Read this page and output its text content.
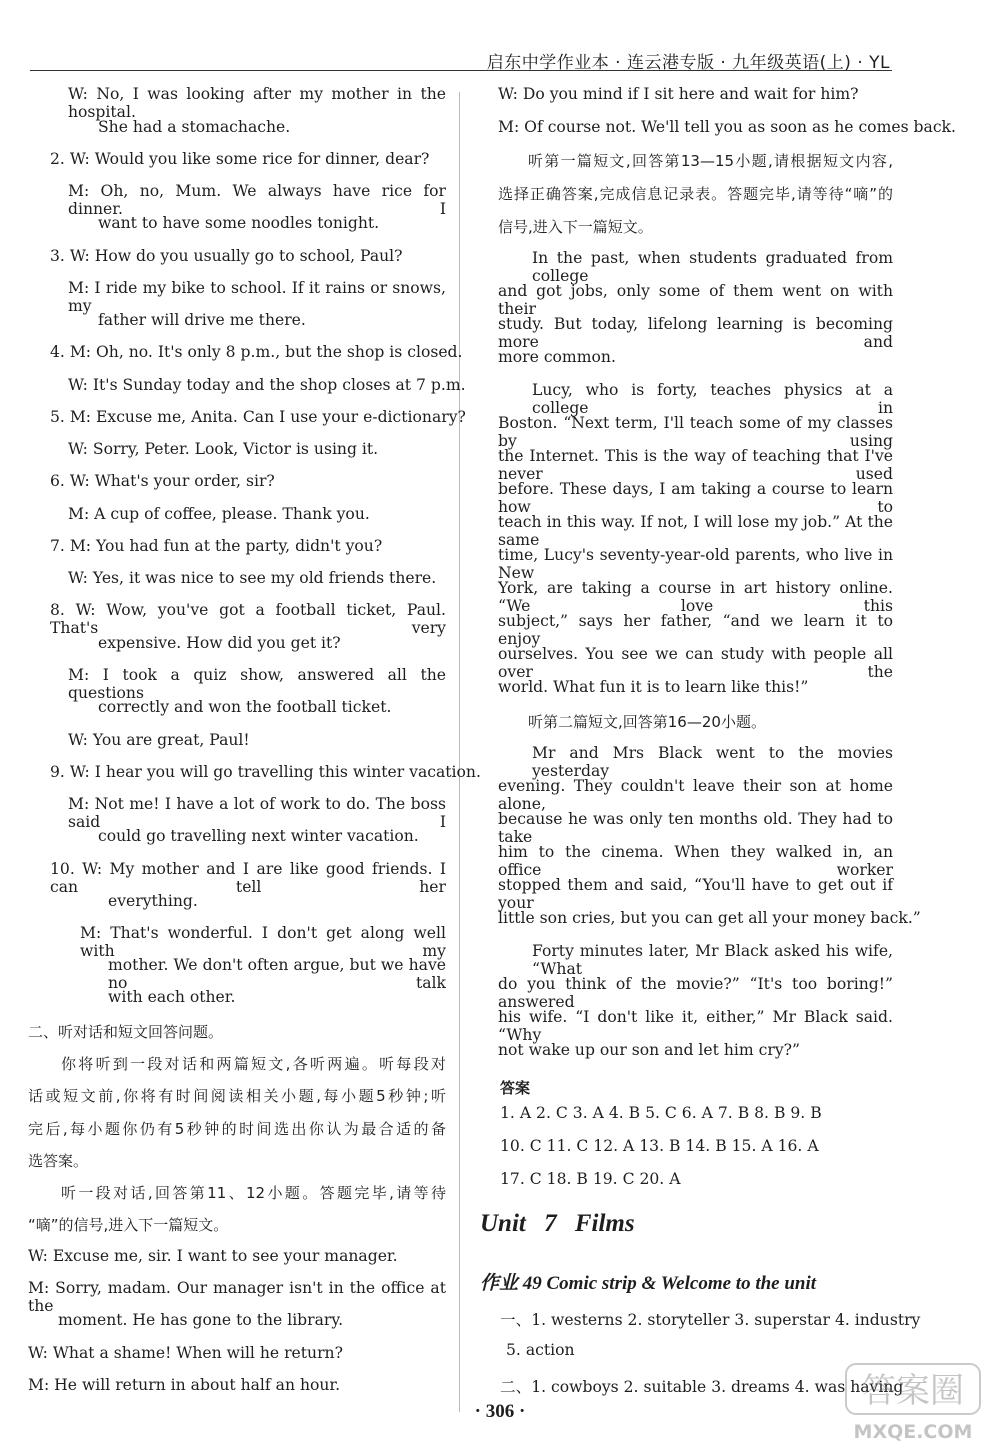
启东中学作业本 · 连云港专版 · 九年级英语(上) · YL
W: No, I was looking after my mother in the hospital.
She had a stomachache.
2. W: Would you like some rice for dinner, dear?
M: Oh, no, Mum. We always have rice for dinner. I
want to have some noodles tonight.
3. W: How do you usually go to school, Paul?
M: I ride my bike to school. If it rains or snows, my
father will drive me there.
4. M: Oh, no. It's only 8 p.m., but the shop is closed.
W: It's Sunday today and the shop closes at 7 p.m.
5. M: Excuse me, Anita. Can I use your e-dictionary?
W: Sorry, Peter. Look, Victor is using it.
6. W: What's your order, sir?
M: A cup of coffee, please. Thank you.
7. M: You had fun at the party, didn't you?
W: Yes, it was nice to see my old friends there.
8. W: Wow, you've got a football ticket, Paul. That's very
expensive. How did you get it?
M: I took a quiz show, answered all the questions
correctly and won the football ticket.
W: You are great, Paul!
9. W: I hear you will go travelling this winter vacation.
M: Not me! I have a lot of work to do. The boss said I
could go travelling next winter vacation.
10. W: My mother and I are like good friends. I can tell her
everything.
M: That's wonderful. I don't get along well with my
mother. We don't often argue, but we have no talk
with each other.
二、听对话和短文回答问题。
你将听到一段对话和两篇短文,各听两遍。听每段对
话或短文前,你将有时间阅读相关小题,每小题5秒钟;听
完后,每小题你仍有5秒钟的时间选出你认为最合适的备
选答案。
听一段对话,回答第11、12小题。答题完毕,请等待
“嘀”的信号,进入下一篇短文。
W: Excuse me, sir. I want to see your manager.
M: Sorry, madam. Our manager isn't in the office at the
moment. He has gone to the library.
W: What a shame! When will he return?
M: He will return in about half an hour.
W: Do you mind if I sit here and wait for him?
M: Of course not. We'll tell you as soon as he comes back.
听第一篇短文,回答第13—15小题,请根据短文内容,
选择正确答案,完成信息记录表。答题完毕,请等待“嘀”的
信号,进入下一篇短文。
In the past, when students graduated from college
and got jobs, only some of them went on with their
study. But today, lifelong learning is becoming more and
more common.
Lucy, who is forty, teaches physics at a college in
Boston. “Next term, I'll teach some of my classes by using
the Internet. This is the way of teaching that I've never used
before. These days, I am taking a course to learn how to
teach in this way. If not, I will lose my job.” At the same
time, Lucy's seventy-year-old parents, who live in New
York, are taking a course in art history online. “We love this
subject,” says her father, “and we learn it to enjoy
ourselves. You see we can study with people all over the
world. What fun it is to learn like this!”
听第二篇短文,回答第16—20小题。
Mr and Mrs Black went to the movies yesterday
evening. They couldn't leave their son at home alone,
because he was only ten months old. They had to take
him to the cinema. When they walked in, an office worker
stopped them and said, “You'll have to get out if your
little son cries, but you can get all your money back.”
Forty minutes later, Mr Black asked his wife, “What
do you think of the movie?” “It's too boring!” answered
his wife. “I don't like it, either,” Mr Black said. “Why
not wake up our son and let him cry?”
答案
1. A 2. C 3. A 4. B 5. C 6. A 7. B 8. B 9. B
10. C 11. C 12. A 13. B 14. B 15. A 16. A
17. C 18. B 19. C 20. A
一、1. westerns 2. storyteller 3. superstar 4. industry
5. action
二、1. cowboys 2. suitable 3. dreams 4. was having
Unit 7 Films
作业 49 Comic strip & Welcome to the unit
· 306 ·
答案圈
MXQE.COM
